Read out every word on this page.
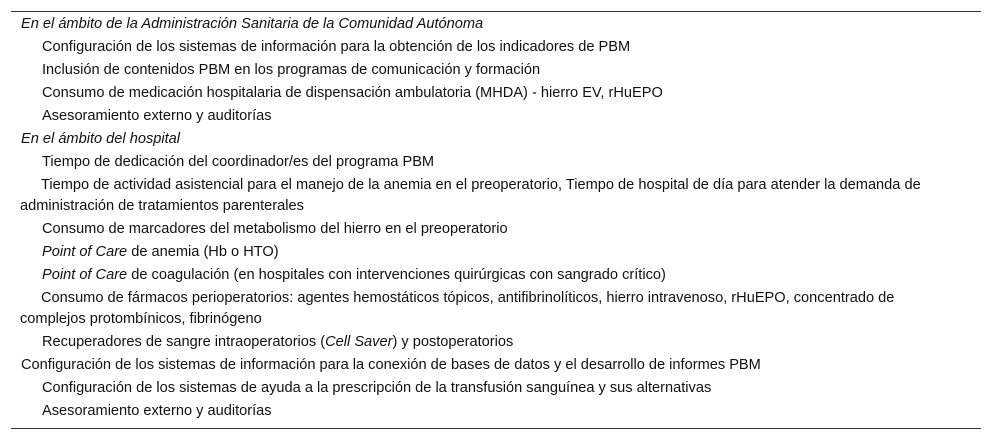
En el ámbito de la Administración Sanitaria de la Comunidad Autónoma
Configuración de los sistemas de información para la obtención de los indicadores de PBM
Inclusión de contenidos PBM en los programas de comunicación y formación
Consumo de medicación hospitalaria de dispensación ambulatoria (MHDA) - hierro EV, rHuEPO
Asesoramiento externo y auditorías
En el ámbito del hospital
Tiempo de dedicación del coordinador/es del programa PBM
Tiempo de actividad asistencial para el manejo de la anemia en el preoperatorio, Tiempo de hospital de día para atender la demanda de administración de tratamientos parenterales
Consumo de marcadores del metabolismo del hierro en el preoperatorio
Point of Care de anemia (Hb o HTO)
Point of Care de coagulación (en hospitales con intervenciones quirúrgicas con sangrado crítico)
Consumo de fármacos perioperatorios: agentes hemostáticos tópicos, antifibrinolíticos, hierro intravenoso, rHuEPO, concentrado de complejos protombínicos, fibrinógeno
Recuperadores de sangre intraoperatorios (Cell Saver) y postoperatorios
Configuración de los sistemas de información para la conexión de bases de datos y el desarrollo de informes PBM
Configuración de los sistemas de ayuda a la prescripción de la transfusión sanguínea y sus alternativas
Asesoramiento externo y auditorías
